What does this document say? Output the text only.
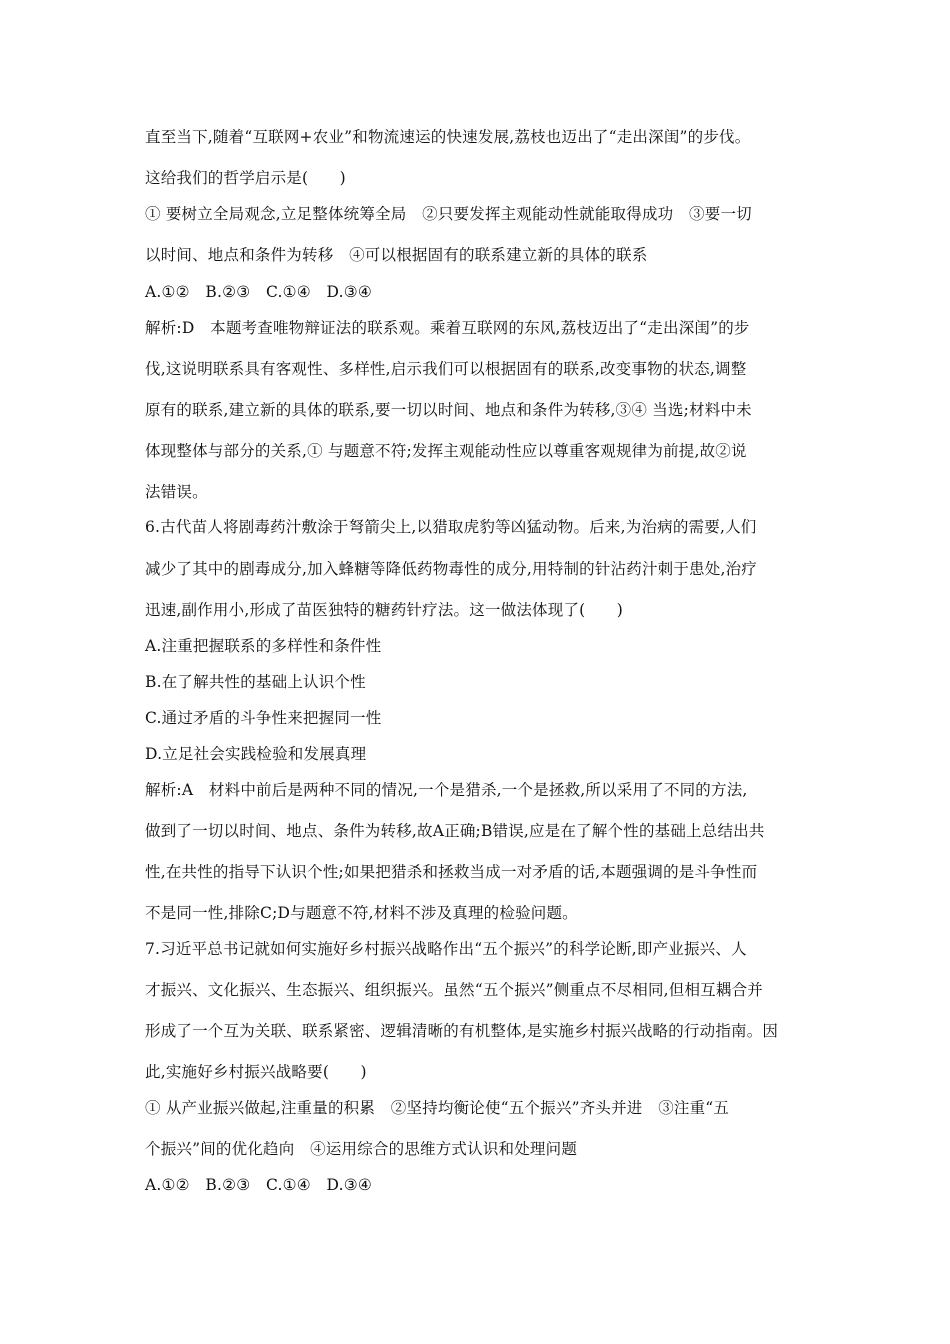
直至当下,随着“互联网+农业”和物流速运的快速发展,荔枝也迈出了“走出深闺”的步伐。
这给我们的哲学启示是(　　)
① 要树立全局观念,立足整体统筹全局　②只要发挥主观能动性就能取得成功　③要一切
以时间、地点和条件为转移　④可以根据固有的联系建立新的具体的联系
A.①②　B.②③　C.①④　D.③④
解析:D　本题考查唯物辩证法的联系观。乘着互联网的东风,荔枝迈出了“走出深闺”的步
伐,这说明联系具有客观性、多样性,启示我们可以根据固有的联系,改变事物的状态,调整
原有的联系,建立新的具体的联系,要一切以时间、地点和条件为转移,③④ 当选;材料中未
体现整体与部分的关系,① 与题意不符;发挥主观能动性应以尊重客观规律为前提,故②说
法错误。
6.古代苗人将剧毒药汁敷涂于弩箭尖上,以猎取虎豹等凶猛动物。后来,为治病的需要,人们
减少了其中的剧毒成分,加入蜂糖等降低药物毒性的成分,用特制的针沾药汁刺于患处,治疗
迅速,副作用小,形成了苗医独特的糖药针疗法。这一做法体现了(　　)
A.注重把握联系的多样性和条件性
B.在了解共性的基础上认识个性
C.通过矛盾的斗争性来把握同一性
D.立足社会实践检验和发展真理
解析:A　材料中前后是两种不同的情况,一个是猎杀,一个是拯救,所以采用了不同的方法,
做到了一切以时间、地点、条件为转移,故A正确;B错误,应是在了解个性的基础上总结出共
性,在共性的指导下认识个性;如果把猎杀和拯救当成一对矛盾的话,本题强调的是斗争性而
不是同一性,排除C;D与题意不符,材料不涉及真理的检验问题。
7.习近平总书记就如何实施好乡村振兴战略作出“五个振兴”的科学论断,即产业振兴、人
才振兴、文化振兴、生态振兴、组织振兴。虽然“五个振兴”侧重点不尽相同,但相互耦合并
形成了一个互为关联、联系紧密、逻辑清晰的有机整体,是实施乡村振兴战略的行动指南。因
此,实施好乡村振兴战略要(　　)
① 从产业振兴做起,注重量的积累　②坚持均衡论使“五个振兴”齐头并进　③注重“五
个振兴”间的优化趋向　④运用综合的思维方式认识和处理问题
A.①②　B.②③　C.①④　D.③④
